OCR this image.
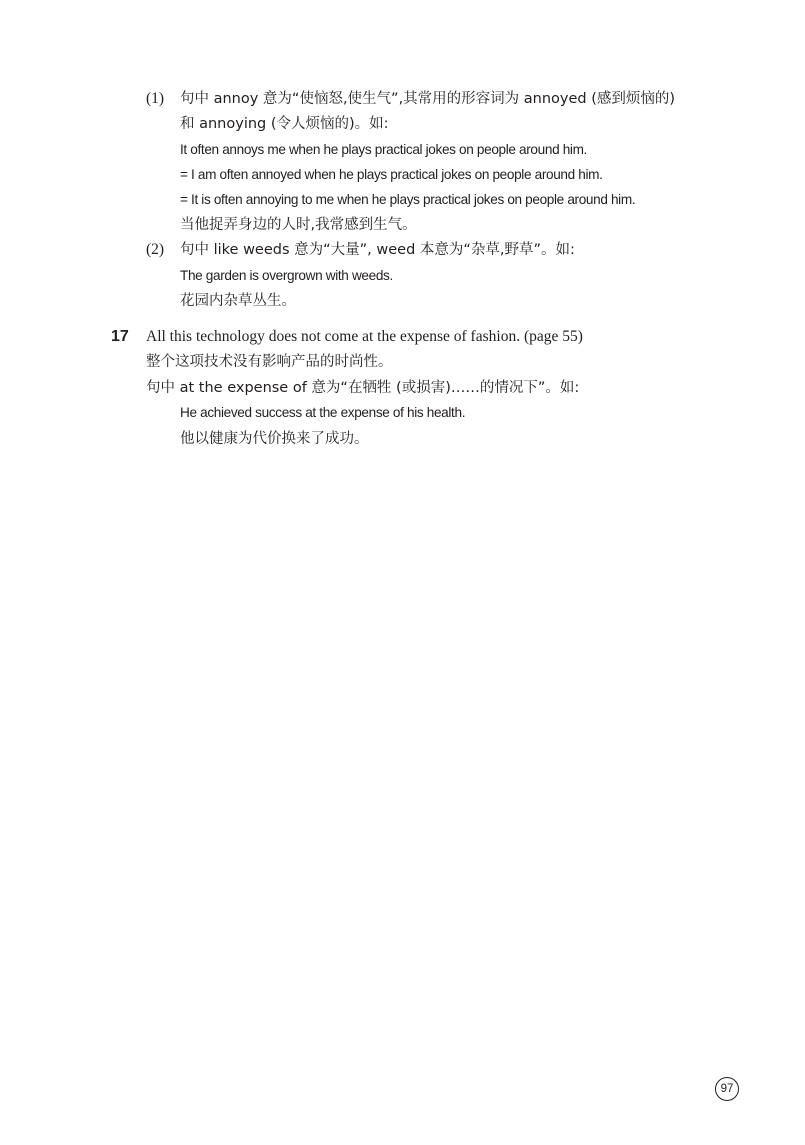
(1) 句中 annoy 意为“使恼怒,使生气”,其常用的形容词为 annoyed (感到烦恼的)
和 annoying (令人烦恼的)。如:
It often annoys me when he plays practical jokes on people around him.
= I am often annoyed when he plays practical jokes on people around him.
= It is often annoying to me when he plays practical jokes on people around him.
当他捉弄身边的人时,我常感到生气。
(2) 句中 like weeds 意为“大量”, weed 本意为“杂草,野草”。如:
The garden is overgrown with weeds.
花园内杂草丛生。
17 All this technology does not come at the expense of fashion. (page 55)
整个这项技术没有影响产品的时尚性。
句中 at the expense of 意为“在牺牲 (或损害)……的情况下”。如:
He achieved success at the expense of his health.
他以健康为代价换来了成功。
97
